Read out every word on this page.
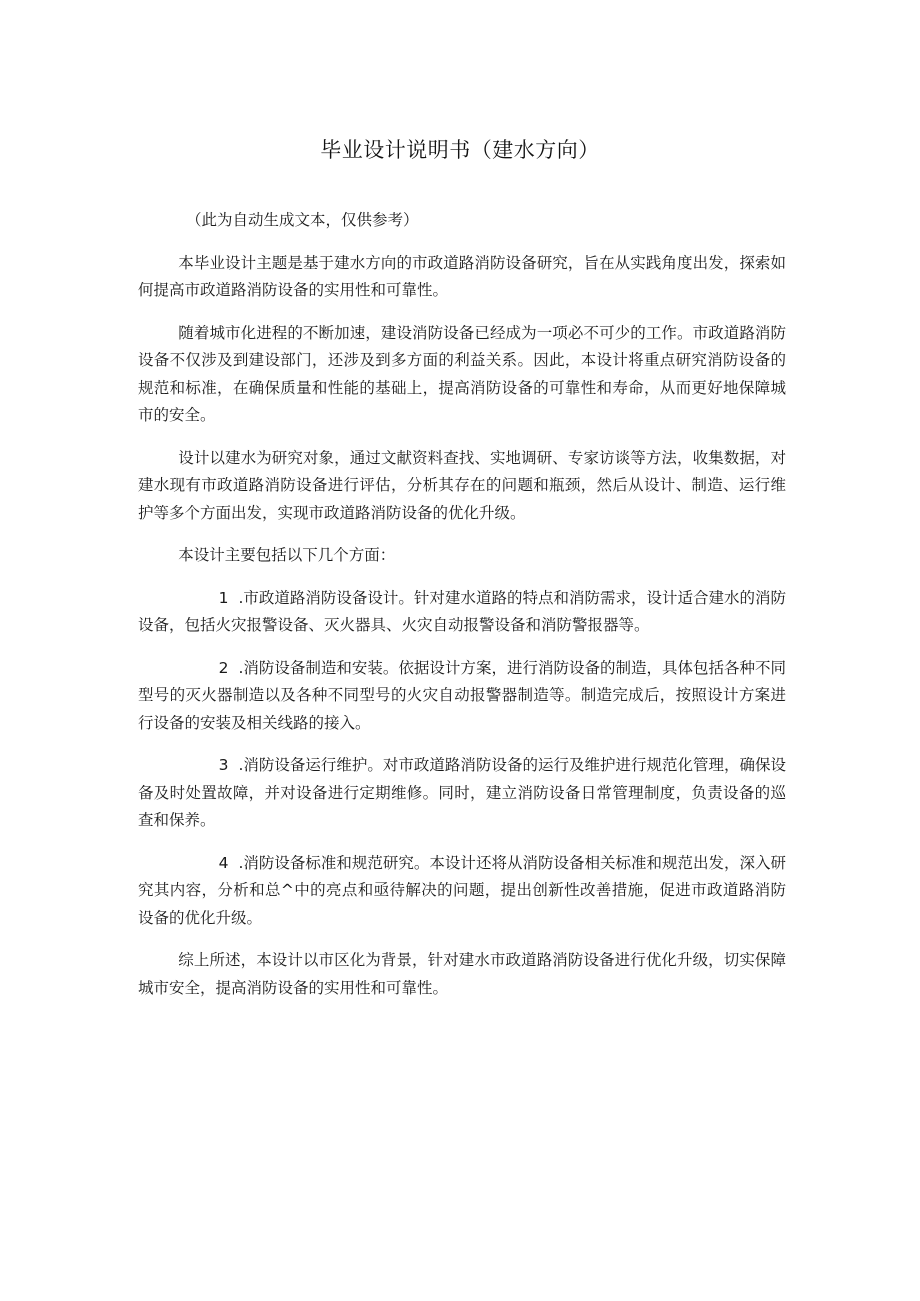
毕业设计说明书（建水方向）

（此为自动生成文本，仅供参考）

本毕业设计主题是基于建水方向的市政道路消防设备研究，旨在从实践角度出发，探索如何提高市政道路消防设备的实用性和可靠性。

随着城市化进程的不断加速，建设消防设备已经成为一项必不可少的工作。市政道路消防设备不仅涉及到建设部门，还涉及到多方面的利益关系。因此，本设计将重点研究消防设备的规范和标准，在确保质量和性能的基础上，提高消防设备的可靠性和寿命，从而更好地保障城市的安全。

设计以建水为研究对象，通过文献资料查找、实地调研、专家访谈等方法，收集数据，对建水现有市政道路消防设备进行评估，分析其存在的问题和瓶颈，然后从设计、制造、运行维护等多个方面出发，实现市政道路消防设备的优化升级。

本设计主要包括以下几个方面：

1 .市政道路消防设备设计。针对建水道路的特点和消防需求，设计适合建水的消防设备，包括火灾报警设备、灭火器具、火灾自动报警设备和消防警报器等。

2 .消防设备制造和安装。依据设计方案，进行消防设备的制造，具体包括各种不同型号的灭火器制造以及各种不同型号的火灾自动报警器制造等。制造完成后，按照设计方案进行设备的安装及相关线路的接入。

3 .消防设备运行维护。对市政道路消防设备的运行及维护进行规范化管理，确保设备及时处置故障，并对设备进行定期维修。同时，建立消防设备日常管理制度，负责设备的巡查和保养。

4 .消防设备标准和规范研究。本设计还将从消防设备相关标准和规范出发，深入研究其内容，分析和总^中的亮点和亟待解决的问题，提出创新性改善措施，促进市政道路消防设备的优化升级。

综上所述，本设计以市区化为背景，针对建水市政道路消防设备进行优化升级，切实保障城市安全，提高消防设备的实用性和可靠性。
